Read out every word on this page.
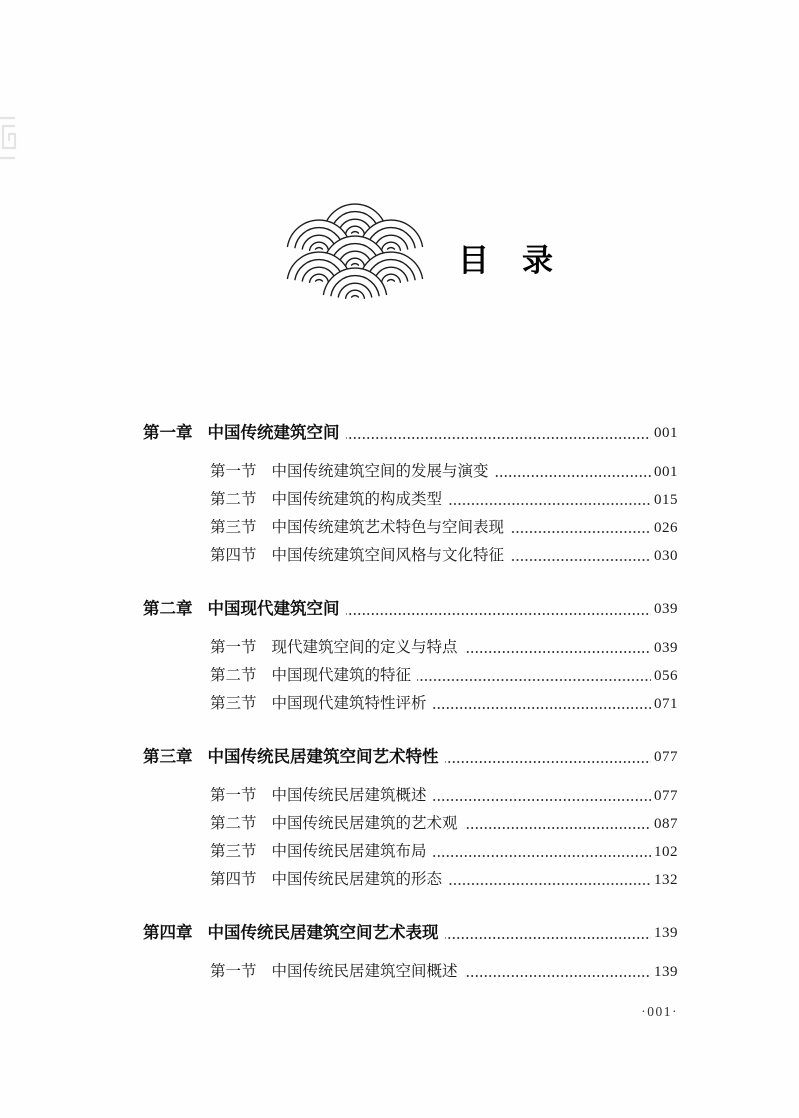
目　录
第一章 中国传统建筑空间	001
第一节 中国传统建筑空间的发展与演变	001
第二节 中国传统建筑的构成类型	015
第三节 中国传统建筑艺术特色与空间表现	026
第四节 中国传统建筑空间风格与文化特征	030
第二章 中国现代建筑空间	039
第一节 现代建筑空间的定义与特点	039
第二节 中国现代建筑的特征	056
第三节 中国现代建筑特性评析	071
第三章 中国传统民居建筑空间艺术特性	077
第一节 中国传统民居建筑概述	077
第二节 中国传统民居建筑的艺术观	087
第三节 中国传统民居建筑布局	102
第四节 中国传统民居建筑的形态	132
第四章 中国传统民居建筑空间艺术表现	139
第一节 中国传统民居建筑空间概述	139
·001·
